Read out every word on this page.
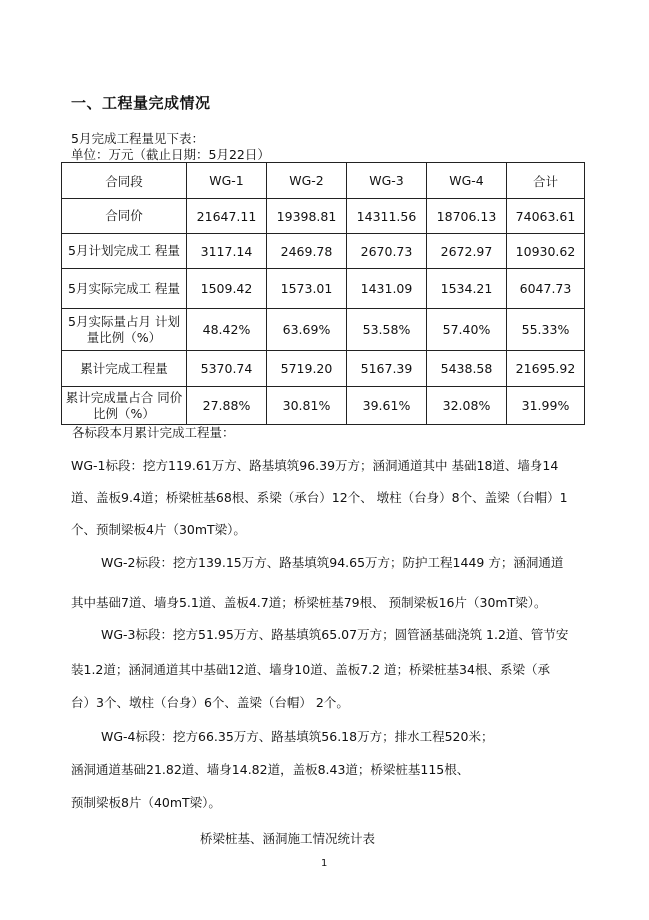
一、工程量完成情况
5月完成工程量见下表：
单位：万元（截止日期：5月22日）
合同段	WG-1	WG-2	WG-3	WG-4	合计
合同价	21647.11	19398.81	14311.56	18706.13	74063.61
5月计划完成工 程量	3117.14	2469.78	2670.73	2672.97	10930.62
5月实际完成工 程量	1509.42	1573.01	1431.09	1534.21	6047.73
5月实际量占月 计划量比例（%）	48.42%	63.69%	53.58%	57.40%	55.33%
累计完成工程量	5370.74	5719.20	5167.39	5438.58	21695.92
累计完成量占合 同价比例（%）	27.88%	30.81%	39.61%	32.08%	31.99%
各标段本月累计完成工程量：
WG-1标段：挖方119.61万方、路基填筑96.39万方；涵洞通道其中 基础18道、墙身14
道、盖板9.4道；桥梁桩基68根、系梁（承台）12个、 墩柱（台身）8个、盖梁（台帽）1
个、预制梁板4片（30mT梁）。
WG-2标段：挖方139.15万方、路基填筑94.65万方；防护工程1449 方；涵洞通道
其中基础7道、墙身5.1道、盖板4.7道；桥梁桩基79根、 预制梁板16片（30mT梁）。
WG-3标段：挖方51.95万方、路基填筑65.07万方；圆管涵基础浇筑 1.2道、管节安
装1.2道；涵洞通道其中基础12道、墙身10道、盖板7.2 道；桥梁桩基34根、系梁（承
台）3个、墩柱（台身）6个、盖梁（台帽） 2个。
WG-4标段：挖方66.35万方、路基填筑56.18万方；排水工程520米；
涵洞通道基础21.82道、墙身14.82道，盖板8.43道；桥梁桩基115根、
预制梁板8片（40mT梁）。
桥梁桩基、涵洞施工情况统计表
1
